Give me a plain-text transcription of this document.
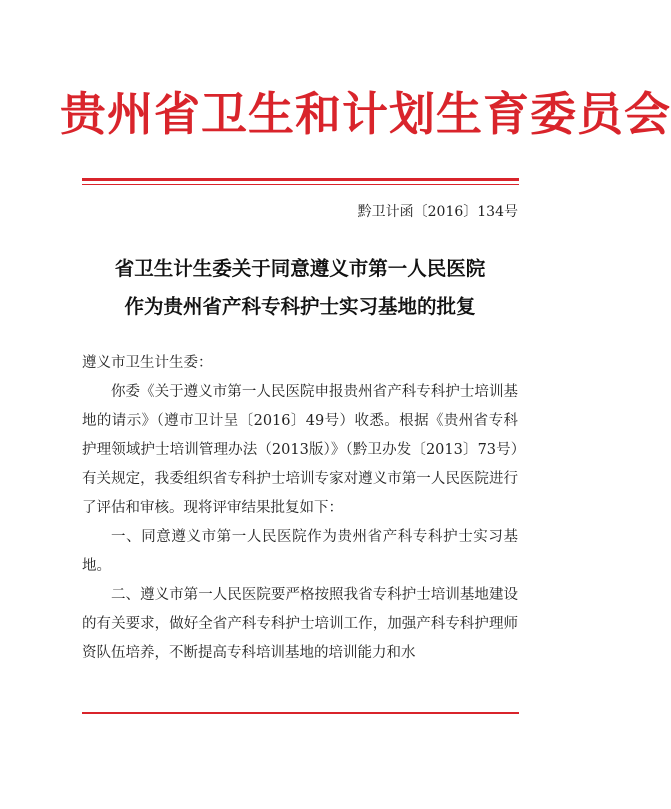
贵州省卫生和计划生育委员会
黔卫计函〔2016〕134号
省卫生计生委关于同意遵义市第一人民医院
作为贵州省产科专科护士实习基地的批复

遵义市卫生计生委：

你委《关于遵义市第一人民医院申报贵州省产科专科护士培训基地的请示》（遵市卫计呈〔2016〕49号）收悉。根据《贵州省专科护理领域护士培训管理办法（2013版）》（黔卫办发〔2013〕73号）有关规定，我委组织省专科护士培训专家对遵义市第一人民医院进行了评估和审核。现将评审结果批复如下：

一、同意遵义市第一人民医院作为贵州省产科专科护士实习基地。

二、遵义市第一人民医院要严格按照我省专科护士培训基地建设的有关要求，做好全省产科专科护士培训工作，加强产科专科护理师资队伍培养，不断提高专科培训基地的培训能力和水
